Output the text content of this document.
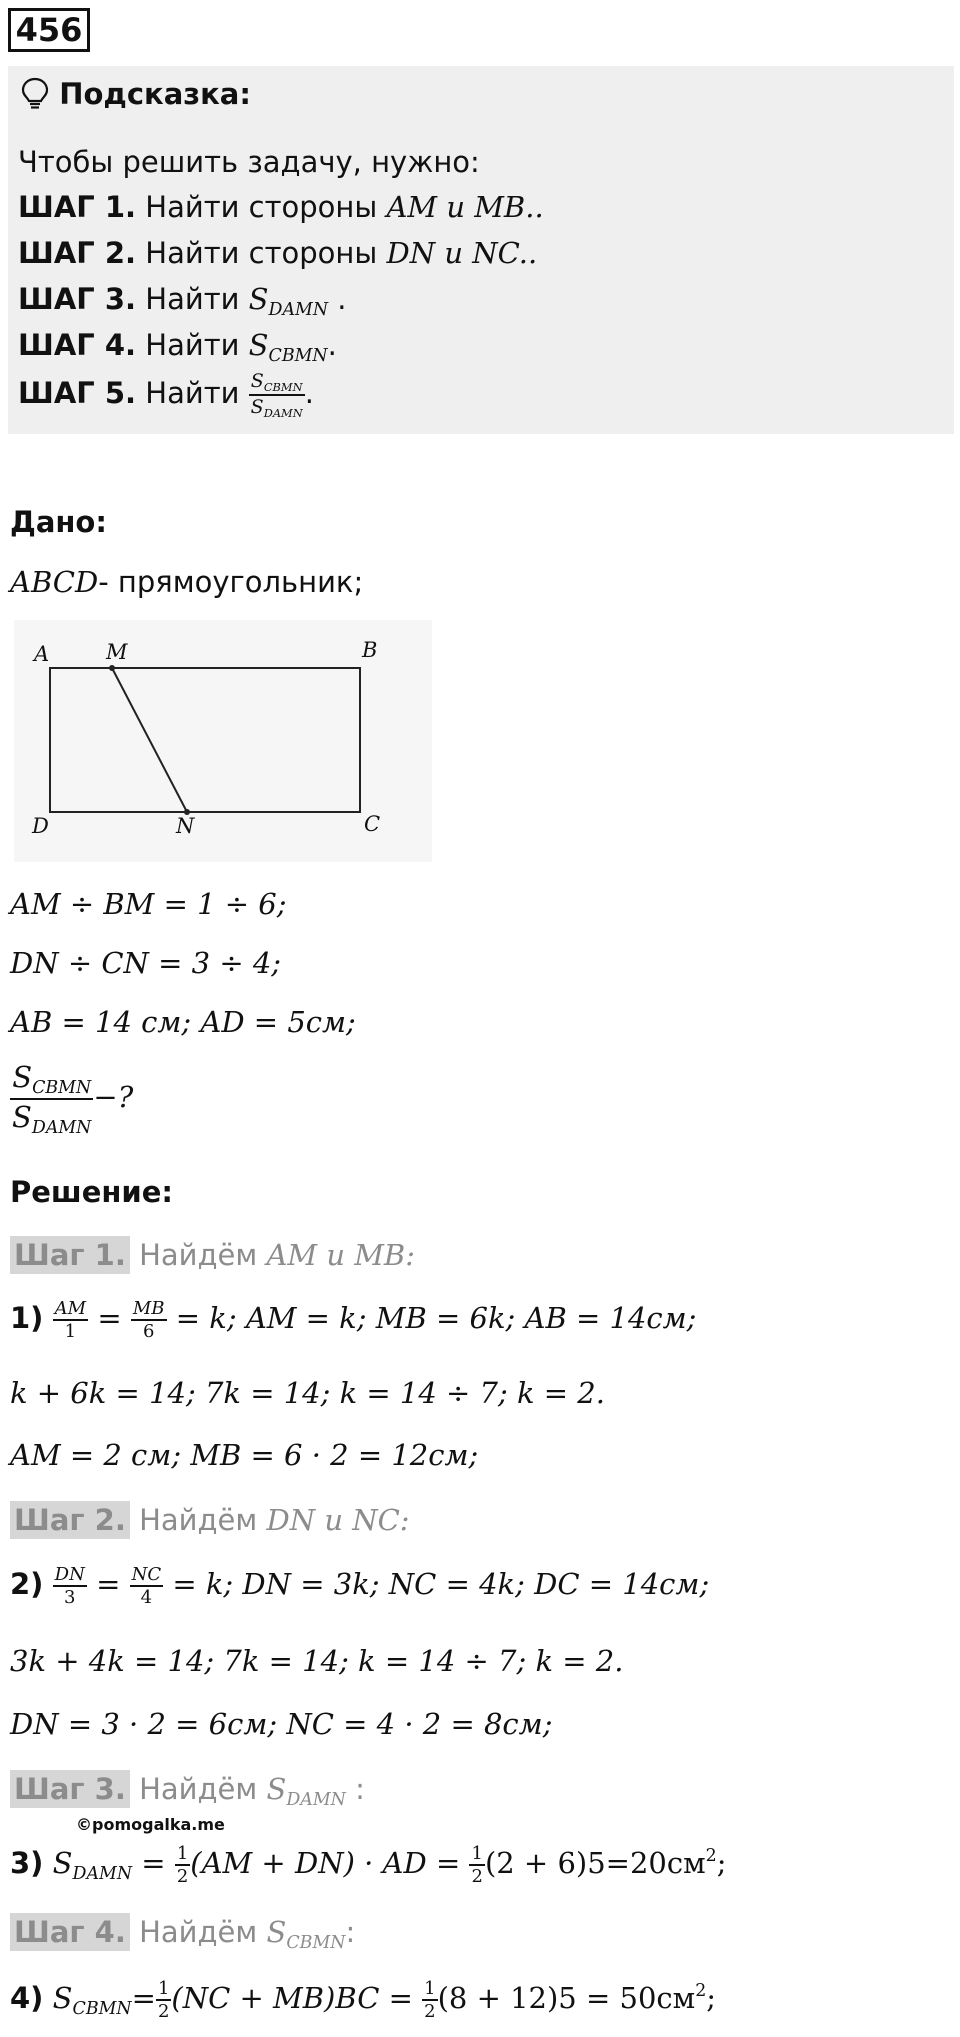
456
Подсказка:
Чтобы решить задачу, нужно:
ШАГ 1. Найти стороны AM и MB..
ШАГ 2. Найти стороны DN и NC..
ШАГ 3. Найти $S_{DAMN}$ .
ШАГ 4. Найти $S_{CBMN}$.
ШАГ 5. Найти $\frac{S_{CBMN}}{S_{DAMN}}$ .
Дано:
ABCD- прямоугольник;
A	M	B
D	N	C
AM ÷ BM = 1 ÷ 6;
DN ÷ CN = 3 ÷ 4;
AB = 14 см; AD = 5см;
$\frac{S_{CBMN}}{S_{DAMN}}$ −?
Решение:
Шаг 1. Найдём AM и MB:
$1) \frac{AM}{1} = \frac{MB}{6} = k$; AM = k; MB = 6k; AB = 14см;
k + 6k = 14; 7k = 14; k = 14 ÷ 7; k = 2.
AM = 2 см; MB = 6 · 2 = 12см;
Шаг 2. Найдём DN и NC:
$2) \frac{DN}{3} = \frac{NC}{4} = k$; DN = 3k; NC = 4k; DC = 14см;
3k + 4k = 14; 7k = 14; k = 14 ÷ 7; k = 2.
DN = 3 · 2 = 6см; NC = 4 · 2 = 8см;
Шаг 3. Найдём $S_{DAMN}$ :
©pomogalka.me
3) $S_{DAMN} = \frac{1}{2} (AM + DN)$ · AD = $\frac{1}{2} (2 + 6)5=20см^2$;
Шаг 4. Найдём $S_{CBMN}$:
4) $S_{CBMN}= \frac{1}{2} (NC + MB)BC = \frac{1}{2} (8 + 12)5 = 50см^2$;
